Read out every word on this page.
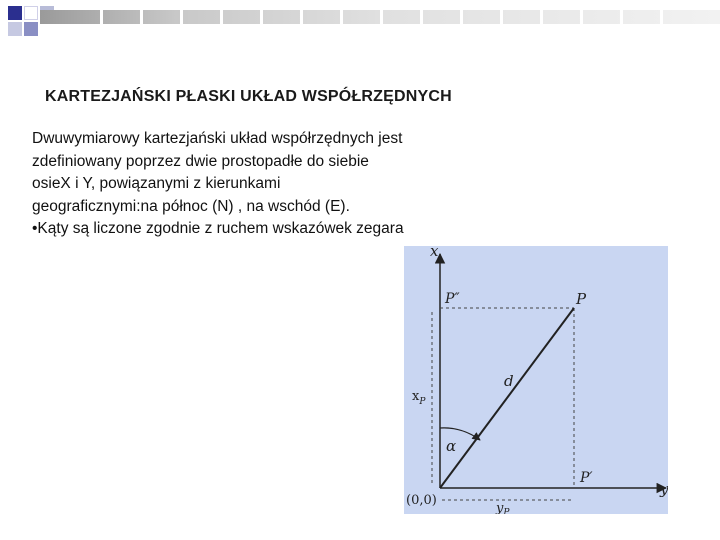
KARTEZJAŃSKI PŁASKI UKŁAD WSPÓŁRZĘDNYCH
Dwuwymiarowy kartezjański układ współrzędnych jest
zdefiniowany poprzez dwie prostopadłe do siebie
osieX i Y, powiązanymi z kierunkami
geograficznymi:na północ (N) , na wschód (E).
•Kąty są liczone zgodnie z ruchem wskazówek zegara
x
y
(0,0)
P
P″
P′
d
α
$x_P$
$y_P$
